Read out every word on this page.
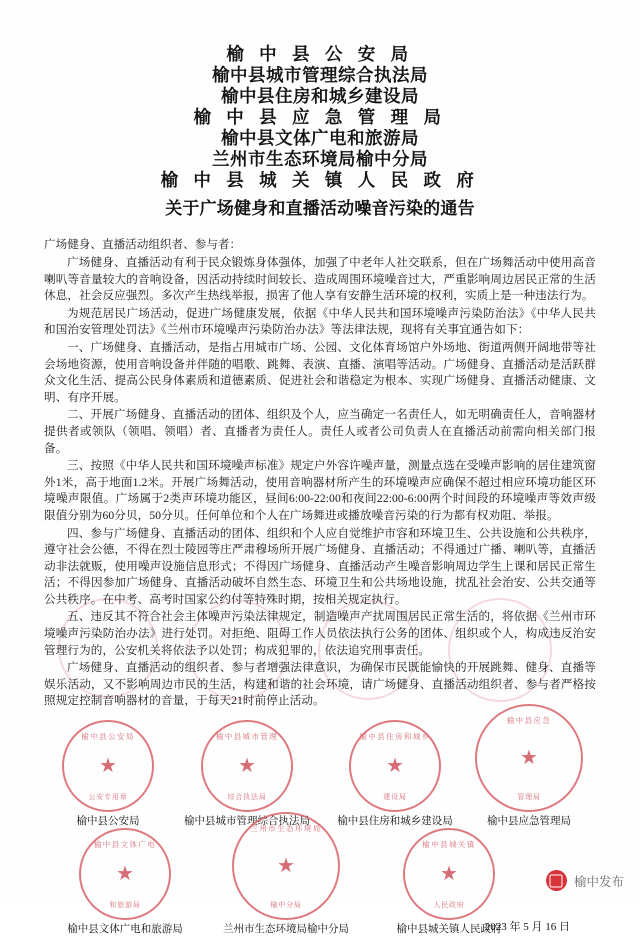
榆 中 县 公 安 局
榆中县城市管理综合执法局
榆中县住房和城乡建设局
榆 中 县 应 急 管 理 局
榆中县文体广电和旅游局
兰州市生态环境局榆中分局
榆 中 县 城 关 镇 人 民 政 府
关于广场健身和直播活动噪音污染的通告
广场健身、直播活动组织者、参与者：

广场健身、直播活动有利于民众锻炼身体强体，加强了中老年人社交联系，但在广场舞活动中使用高音喇叭等音量较大的音响设备，因活动持续时间较长、造成周围环境噪音过大，严重影响周边居民正常的生活休息，社会反应强烈。多次产生热线举报，损害了他人享有安静生活环境的权利，实质上是一种违法行为。

为规范居民广场活动，促进广场健康发展，依据《中华人民共和国环境噪声污染防治法》《中华人民共和国治安管理处罚法》《兰州市环境噪声污染防治办法》等法律法规，现将有关事宜通告如下：

一、广场健身、直播活动，是指占用城市广场、公园、文化体育场馆户外场地、街道两侧开阔地带等社会场地资源，使用音响设备并伴随的唱歌、跳舞、表演、直播、演唱等活动。广场健身、直播活动是活跃群众文化生活、提高公民身体素质和道德素质、促进社会和谐稳定为根本、实现广场健身、直播活动健康、文明、有序开展。

二、开展广场健身、直播活动的团体、组织及个人，应当确定一名责任人，如无明确责任人，音响器材提供者或领队（领唱、领唱）者、直播者为责任人。责任人或者公司负责人在直播活动前需向相关部门报备。

三、按照《中华人民共和国环境噪声标准》规定户外容许噪声量，测量点选在受噪声影响的居住建筑窗外1米，高于地面1.2米。开展广场舞活动，使用音响器材所产生的环境噪声应确保不超过相应环境功能区环境噪声限值。广场属于2类声环境功能区，昼间6:00-22:00和夜间22:00-6:00两个时间段的环境噪声等效声级限值分别为60分贝，50分贝。任何单位和个人在广场舞进或播放噪音污染的行为都有权劝阻、举报。

四、参与广场健身、直播活动的团体、组织和个人应自觉维护市容和环境卫生、公共设施和公共秩序，遵守社会公德，不得在烈士陵园等庄严肃穆场所开展广场健身、直播活动；不得通过广播、喇叭等，直播活动非法就贩，使用噪声设施信息形式；不得因广场健身、直播活动产生噪音影响周边学生上课和居民正常生活；不得因参加广场健身、直播活动破坏自然生态、环境卫生和公共场地设施，扰乱社会治安、公共交通等公共秩序。在中考、高考时国家公约付等特殊时期，按相关规定执行。

五、违反其不符合社会主体噪声污染法律规定，制造噪声产扰周围居民正常生活的，将依据《兰州市环境噪声污染防治办法》进行处罚。对拒绝、阻碍工作人员依法执行公务的团体、组织或个人，构成违反治安管理行为的，公安机关将依法予以处罚；构成犯罪的，依法追究刑事责任。

广场健身、直播活动的组织者、参与者增强法律意识，为确保市民既能愉快的开展跳舞、健身、直播等娱乐活动，又不影响周边市民的生活，构建和谐的社会环境，请广场健身、直播活动组织者、参与者严格按照规定控制音响器材的音量，于每天21时前停止活动。

榆中县公安局
★
公安专用章
榆中县公安局
榆中县城市管理
★
综合执法局
榆中县城市管理综合执法局
榆中县住房和城乡
★
建设局
榆中县住房和城乡建设局
榆中县应急
★
管理局
榆中县应急管理局
榆中县文体广电
★
和旅游局
榆中县文体广电和旅游局
兰州市生态环境局
★
榆中分局
兰州市生态环境局榆中分局
榆中县城关镇
★
人民政府
榆中县城关镇人民政府
2023 年 5 月 16 日
榆中发布
